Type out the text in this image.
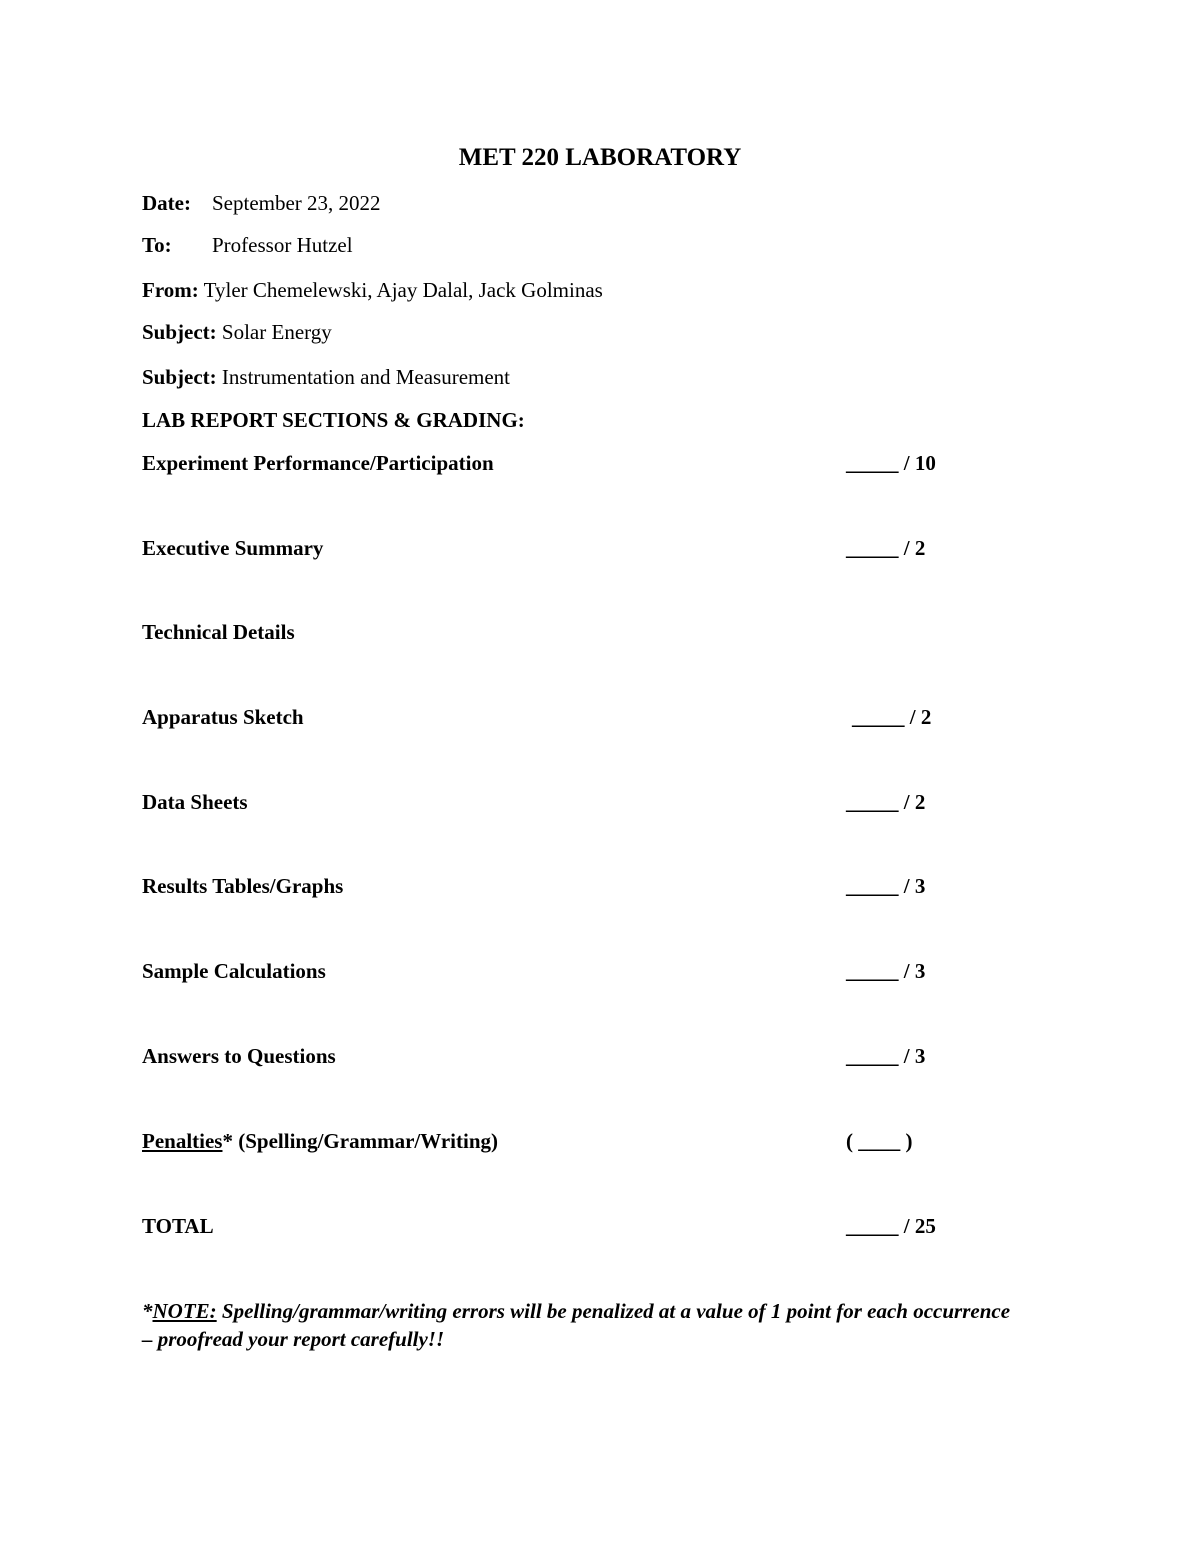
MET 220 LABORATORY
Date: September 23, 2022
To: Professor Hutzel
From: Tyler Chemelewski, Ajay Dalal, Jack Golminas
Subject: Solar Energy
Subject: Instrumentation and Measurement
LAB REPORT SECTIONS & GRADING:
Experiment Performance/Participation	_____ / 10
Executive Summary	_____ / 2
Technical Details
Apparatus Sketch	_____ / 2
Data Sheets	_____ / 2
Results Tables/Graphs	_____ / 3
Sample Calculations	_____ / 3
Answers to Questions	_____ / 3
Penalties* (Spelling/Grammar/Writing)	( ____ )
TOTAL	_____ / 25
*NOTE: Spelling/grammar/writing errors will be penalized at a value of 1 point for each occurrence – proofread your report carefully!!
